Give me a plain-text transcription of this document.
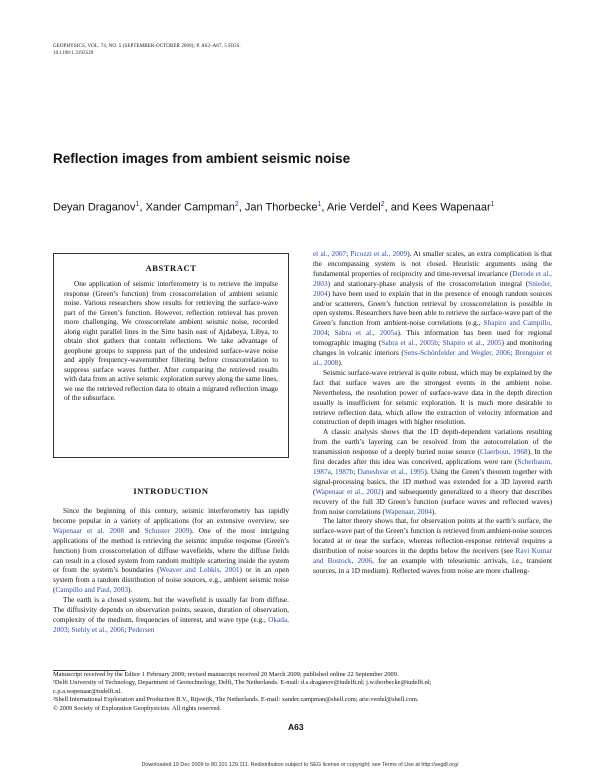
GEOPHYSICS, VOL. 74, NO. 5 (SEPTEMBER-OCTOBER 2009); P. A63–A67, 5 FIGS.
10.1190/1.3193529
Reflection images from ambient seismic noise
Deyan Draganov$^1$, Xander Campman$^2$, Jan Thorbecke$^1$, Arie Verdel$^2$, and Kees Wapenaar$^1$
ABSTRACT

One application of seismic interferometry is to retrieve the impulse response (Green’s function) from crosscorrelation of ambient seismic noise. Various researchers show results for retrieving the surface-wave part of the Green’s function. However, reflection retrieval has proven more challenging. We crosscorrelate ambient seismic noise, recorded along eight parallel lines in the Sirte basin east of Ajdabeya, Libya, to obtain shot gathers that contain reflections. We take advantage of geophone groups to suppress part of the undesired surface-wave noise and apply frequency-wavenumber filtering before crosscorrelation to suppress surface waves further. After comparing the retrieved results with data from an active seismic exploration survey along the same lines, we use the retrieved reflection data to obtain a migrated reflection image of the subsurface.

INTRODUCTION

Since the beginning of this century, seismic interferometry has rapidly become popular in a variety of applications (for an extensive overview, see Wapenaar et al. 2008 and Schuster 2009). One of the most intriguing applications of the method is retrieving the seismic impulse response (Green’s function) from crosscorrelation of diffuse wavefields, where the diffuse fields can result in a closed system from random multiple scattering inside the system or from the system’s boundaries (Weaver and Lobkis, 2001) or in an open system from a random distribution of noise sources, e.g., ambient seismic noise (Campillo and Paul, 2003).

The earth is a closed system, but the wavefield is usually far from diffuse. The diffusivity depends on observation points, season, duration of observation, complexity of the medium, frequencies of interest, and wave type (e.g., Okada, 2003; Stehly et al., 2006; Pedersen

et al., 2007; Picozzi et al., 2009). At smaller scales, an extra complication is that the encompassing system is not closed. Heuristic arguments using the fundamental properties of reciprocity and time-reversal invariance (Derode et al., 2003) and stationary-phase analysis of the crosscorrelation integral (Snieder, 2004) have been used to explain that in the presence of enough random sources and/or scatterers, Green’s function retrieval by crosscorrelation is possible in open systems. Researchers have been able to retrieve the surface-wave part of the Green’s function from ambient-noise correlations (e.g., Shapiro and Campillo, 2004; Sabra et al., 2005a). This information has been used for regional tomographic imaging (Sabra et al., 2005b; Shapiro et al., 2005) and monitoring changes in volcanic interiors (Sens-Schönfelder and Wegler, 2006; Brenguier et al., 2008).

Seismic surface-wave retrieval is quite robust, which may be explained by the fact that surface waves are the strongest events in the ambient noise. Nevertheless, the resolution power of surface-wave data in the depth direction usually is insufficient for seismic exploration. It is much more desirable to retrieve reflection data, which allow the extraction of velocity information and construction of depth images with higher resolution.

A classic analysis shows that the 1D depth-dependent variations resulting from the earth’s layering can be resolved from the autocorrelation of the transmission response of a deeply buried noise source (Claerbout, 1968). In the first decades after this idea was conceived, applications were rare (Scherbaum, 1987a, 1987b; Daneshvar et al., 1995). Using the Green’s theorem together with signal-processing basics, the 1D method was extended for a 3D layered earth (Wapenaar et al., 2002) and subsequently generalized to a theory that describes recovery of the full 3D Green’s function (surface waves and reflected waves) from noise correlations (Wapenaar, 2004).

The latter theory shows that, for observation points at the earth’s surface, the surface-wave part of the Green’s function is retrieved from ambient-noise sources located at or near the surface, whereas reflection-response retrieval requires a distribution of noise sources in the depths below the receivers (see Ravi Kumar and Bostock, 2006, for an example with teleseismic arrivals, i.e., transient sources, in a 1D medium). Reflected waves from noise are more challeng-

Manuscript received by the Editor 1 February 2009; revised manuscript received 20 March 2009; published online 22 September 2009.
¹Delft University of Technology, Department of Geotechnology, Delft, The Netherlands. E-mail: d.s.draganov@tudelft.nl; j.w.thorbecke@tudelft.nl;
c.p.a.wapenaar@tudelft.nl.
²Shell International Exploration and Production B.V., Rijswijk, The Netherlands. E-mail: xander.campman@shell.com; arie.verdel@shell.com.
© 2009 Society of Exploration Geophysicists. All rights reserved.
A63
Downloaded 19 Dec 2009 to 80.101.129.111. Redistribution subject to SEG license or copyright; see Terms of Use at http://segdl.org/
